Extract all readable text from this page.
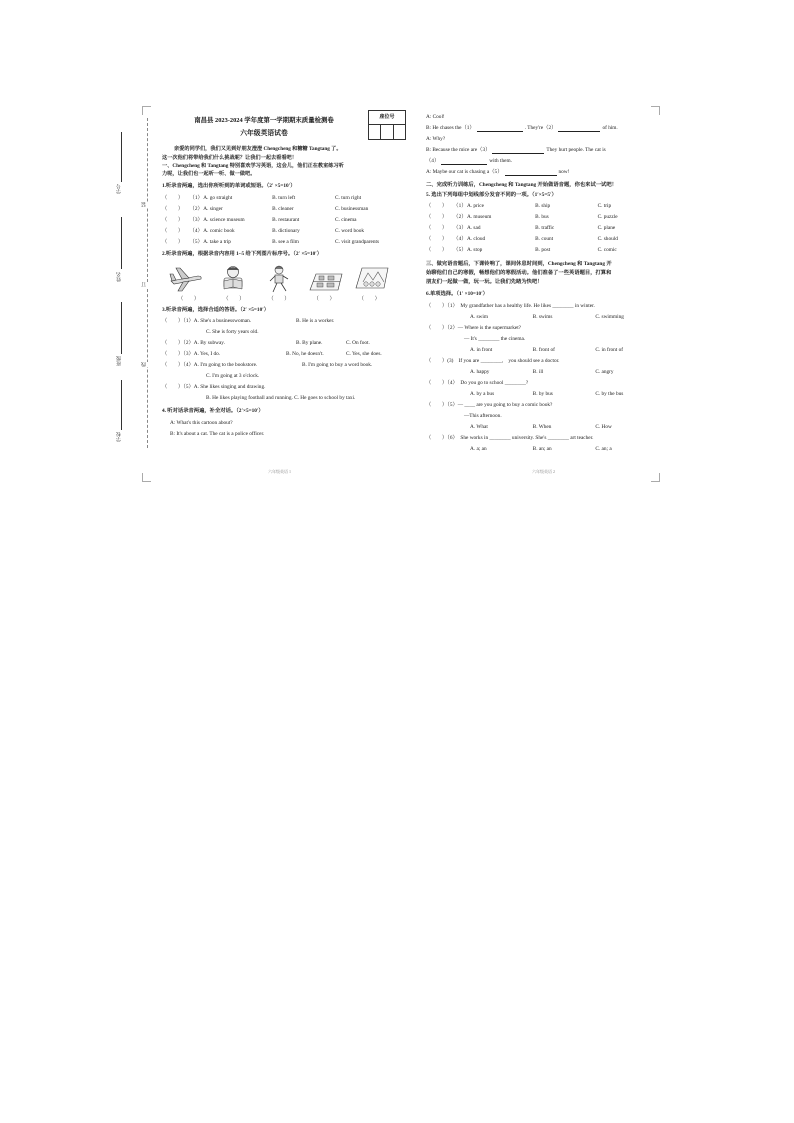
学号
姓名
班级
学校
装
订
线
座位号
南昌县 2023-2024 学年度第一学期期末质量检测卷
六年级英语试卷
亲爱的同学们，我们又见到好朋友澄澄 Chengcheng 和糖糖 Tangtang 了。
这一次他们将带给我们什么挑战呢？让我们一起去看看吧！
一、Chengcheng 和 Tangtang 特别喜欢学习英语，这会儿，他们正在教室练习听
力呢，让我们也一起听一听、做一做吧。
1.听录音两遍，选出你所听到的单词或短语。（2′ ×5=10′）
（　　）	（1） A. go straight	B. turn left	C. turn right
（　　）	（2） A. singer	B. cleaner	C. businessman
（　　）	（3） A. science museum	B. restaurant	C. cinema
（　　）	（4） A. comic book	B. dictionary	C. word book
（　　）	（5） A. take a trip	B. see a film	C. visit grandparents
2.听录音两遍，根据录音内容用 1~5 给下列图片标序号。（2′ ×5=10′）
（　　）	（　　）	（　　）	（　　）	（　　）
3.听录音两遍，选择合适的答语。（2′ ×5=10′）
（　　）（1）A. She's a businesswoman.	B. He is a worker.
C. She is forty years old.
（　　）（2）A. By subway.	B. By plane.	C. On foot.
（　　）（3）A. Yes, I do.	B. No, he doesn't.	C. Yes, she does.
（　　）（4）A. I'm going to the bookstore.	B. I'm going to buy a word book.
C. I'm going at 3 o'clock.
（　　）（5）A. She likes singing and drawing.
B. He likes playing football and running. C. He goes to school by taxi.
4. 听对话录音两遍，补全对话。（2′×5=10′）
A: What's this cartoon about?
B: It's about a cat. The cat is a police officer.
A: Cool!
B: He chases the（1）	. They're（2）	of him.
A: Why?
B: Because the mice are（3）	They hurt people. The cat is
（4）	with them.
A: Maybe our cat is chasing a（5）	now!
二、完成听力训练后，Chengcheng 和 Tangtang 开始做语音题，你也来试一试吧！
5. 选出下列每组中划线部分发音不同的一项。（1′×5=5′）
（　　）	（1） A. price	B. ship	C. trip
（　　）	（2） A. museum	B. bus	C. puzzle
（　　）	（3） A. sad	B. traffic	C. plane
（　　）	（4） A. cloud	B. count	C. should
（　　）	（5） A. stop	B. post	C. comic
三、做完语音题后，下课铃响了，课间休息时间到，Chengcheng 和 Tangtang 开
始聊他们自己的寒假，畅想他们的寒假活动。他们准备了一些英语题目，打算和
朋友们一起做一做，玩一玩。让我们先睹为快吧！
6.单项选择。（1′ ×10=10′）
（　　）（1）　My grandfather has a healthy life. He likes ________ in winter.
A. swim	B. swims	C. swimming
（　　）（2）— Where is the supermarket?
— It's ________ the cinema.
A. in front	B. front of	C. in front of
（　　）(3)　If you are ________,　you should see a doctor.
A. happy	B. ill	C. angry
（　　）（4）　Do you go to school ________?
A. by a bus	B. by bus	C. by the bus
（　　）（5）— ____ are you going to buy a comic book?
—This afternoon.
A. What	B. When	C. How
（　　）（6）　She works in ________ university. She's ________ art teacher.
A. a; an	B. an; an	C. an; a
六年级英语 1	六年级英语 2
